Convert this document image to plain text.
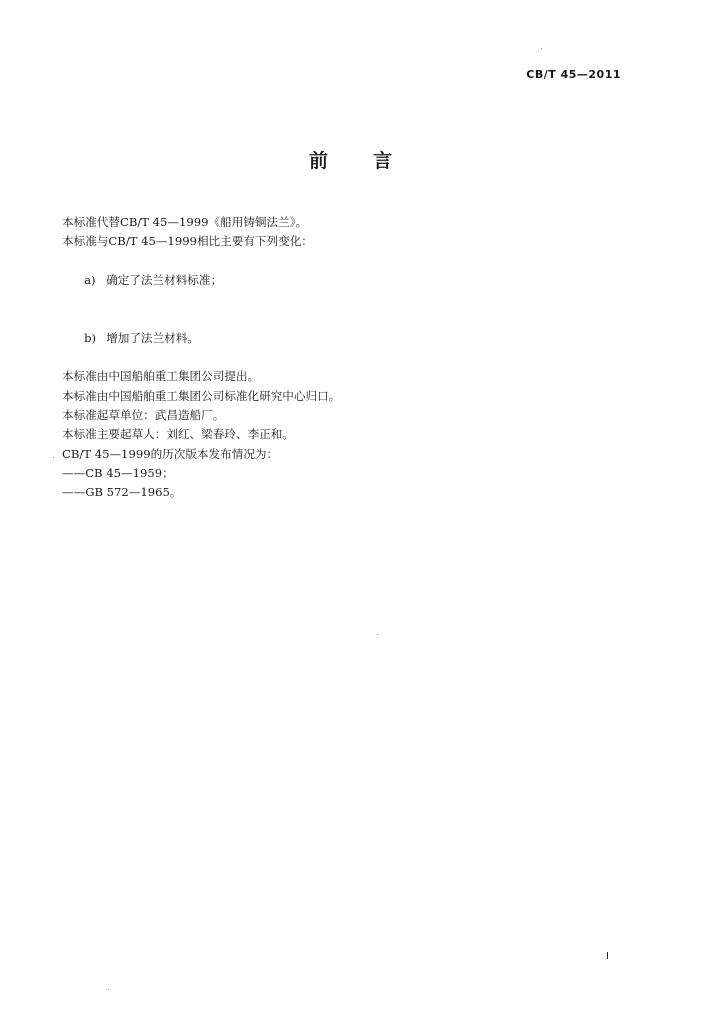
CB/T 45—2011
前 言
本标准代替CB/T 45—1999《船用铸铜法兰》。
本标准与CB/T 45—1999相比主要有下列变化：

a) 确定了法兰材料标准；

b) 增加了法兰材料。

本标准由中国船舶重工集团公司提出。
本标准由中国船舶重工集团公司标准化研究中心归口。
本标准起草单位：武昌造船厂。
本标准主要起草人：刘红、梁春玲、李正和。
CB/T 45—1999的历次版本发布情况为：
——CB 45—1959；
——GB 572—1965。
I
